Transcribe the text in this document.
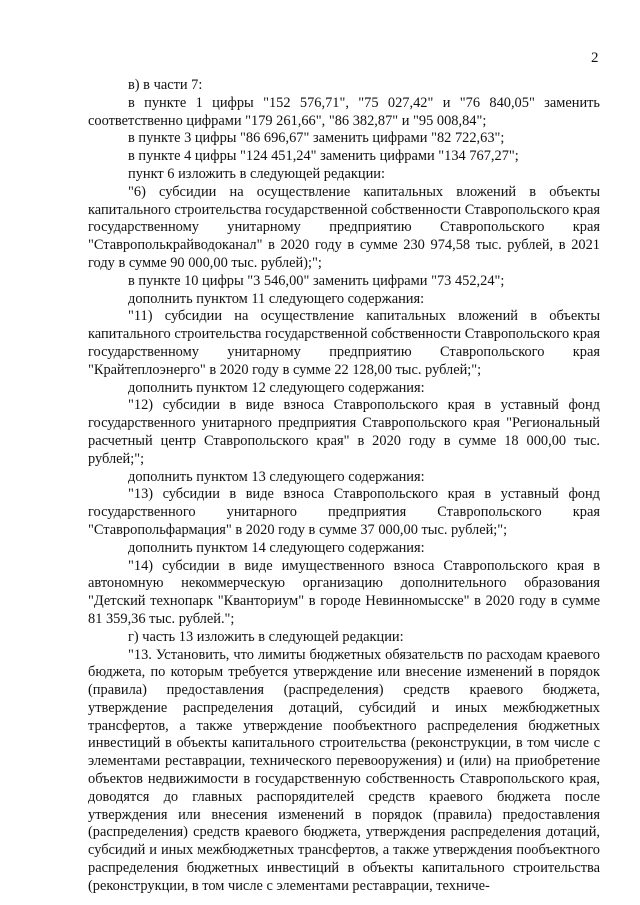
2

в) в части 7:

в пункте 1 цифры "152 576,71", "75 027,42" и "76 840,05" заменить соответственно цифрами "179 261,66", "86 382,87" и "95 008,84";

в пункте 3 цифры "86 696,67" заменить цифрами "82 722,63";

в пункте 4 цифры "124 451,24" заменить цифрами "134 767,27";

пункт 6 изложить в следующей редакции:

"6) субсидии на осуществление капитальных вложений в объекты капитального строительства государственной собственности Ставропольского края государственному унитарному предприятию Ставропольского края "Ставрополькрайводоканал" в 2020 году в сумме 230 974,58 тыс. рублей, в 2021 году в сумме 90 000,00 тыс. рублей);";

в пункте 10 цифры "3 546,00" заменить цифрами "73 452,24";

дополнить пунктом 11 следующего содержания:

"11) субсидии на осуществление капитальных вложений в объекты капитального строительства государственной собственности Ставропольского края государственному унитарному предприятию Ставропольского края "Крайтеплоэнерго" в 2020 году в сумме 22 128,00 тыс. рублей;";

дополнить пунктом 12 следующего содержания:

"12) субсидии в виде взноса Ставропольского края в уставный фонд государственного унитарного предприятия Ставропольского края "Региональный расчетный центр Ставропольского края" в 2020 году в сумме 18 000,00 тыс. рублей;";

дополнить пунктом 13 следующего содержания:

"13) субсидии в виде взноса Ставропольского края в уставный фонд государственного унитарного предприятия Ставропольского края "Ставропольфармация" в 2020 году в сумме 37 000,00 тыс. рублей;";

дополнить пунктом 14 следующего содержания:

"14) субсидии в виде имущественного взноса Ставропольского края в автономную некоммерческую организацию дополнительного образования "Детский технопарк "Кванториум" в городе Невинномысске" в 2020 году в сумме 81 359,36 тыс. рублей.";

г) часть 13 изложить в следующей редакции:

"13. Установить, что лимиты бюджетных обязательств по расходам краевого бюджета, по которым требуется утверждение или внесение изменений в порядок (правила) предоставления (распределения) средств краевого бюджета, утверждение распределения дотаций, субсидий и иных межбюджетных трансфертов, а также утверждение пообъектного распределения бюджетных инвестиций в объекты капитального строительства (реконструкции, в том числе с элементами реставрации, технического перевооружения) и (или) на приобретение объектов недвижимости в государственную собственность Ставропольского края, доводятся до главных распорядителей средств краевого бюджета после утверждения или внесения изменений в порядок (правила) предоставления (распределения) средств краевого бюджета, утверждения распределения дотаций, субсидий и иных межбюджетных трансфертов, а также утверждения пообъектного распределения бюджетных инвестиций в объекты капитального строительства (реконструкции, в том числе с элементами реставрации, техниче-
